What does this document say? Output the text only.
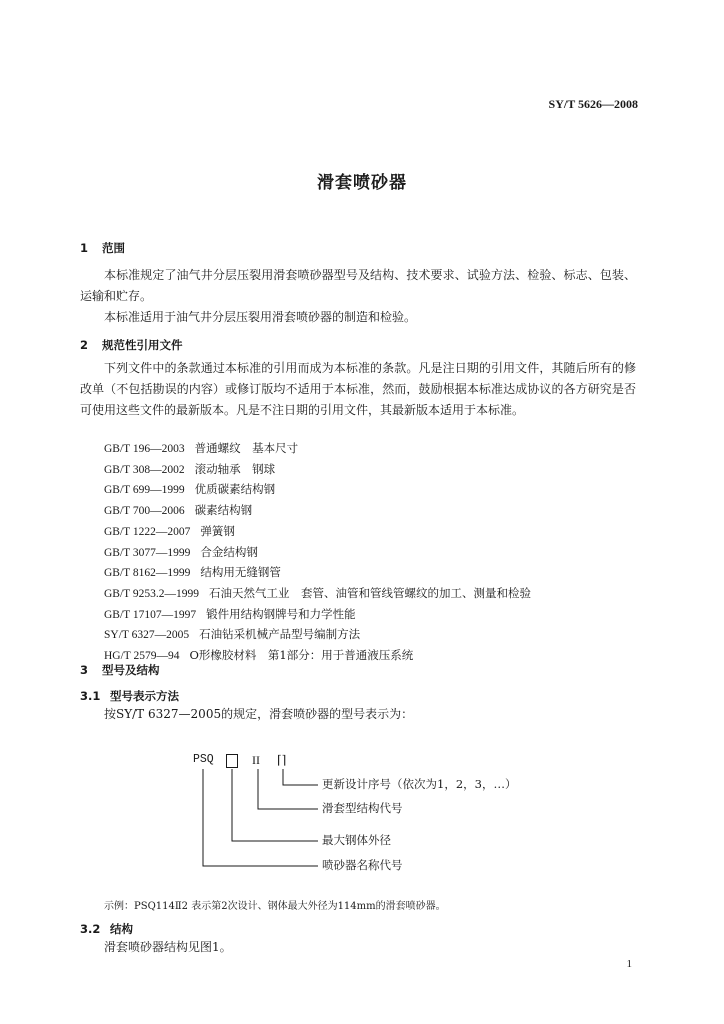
SY/T 5626—2008
滑套喷砂器
1 范围

本标准规定了油气井分层压裂用滑套喷砂器型号及结构、技术要求、试验方法、检验、标志、包装、运输和贮存。

本标准适用于油气井分层压裂用滑套喷砂器的制造和检验。

2 规范性引用文件

下列文件中的条款通过本标准的引用而成为本标准的条款。凡是注日期的引用文件，其随后所有的修改单（不包括勘误的内容）或修订版均不适用于本标准，然而，鼓励根据本标准达成协议的各方研究是否可使用这些文件的最新版本。凡是不注日期的引用文件，其最新版本适用于本标准。

GB/T 196—2003 普通螺纹　基本尺寸
GB/T 308—2002 滚动轴承　钢球
GB/T 699—1999 优质碳素结构钢
GB/T 700—2006 碳素结构钢
GB/T 1222—2007 弹簧钢
GB/T 3077—1999 合金结构钢
GB/T 8162—1999 结构用无缝钢管
GB/T 9253.2—1999 石油天然气工业　套管、油管和管线管螺纹的加工、测量和检验
GB/T 17107—1997 锻件用结构钢牌号和力学性能
SY/T 6327—2005 石油钻采机械产品型号编制方法
HG/T 2579—94 O形橡胶材料　第1部分：用于普通液压系统
3 型号及结构
3.1 型号表示方法

按SY/T 6327—2005的规定，滑套喷砂器的型号表示为：

PSQ	II ⌈⌉
更新设计序号（依次为1，2，3，…）
滑套型结构代号
最大钢体外径
喷砂器名称代号
示例：PSQ114Ⅱ2 表示第2次设计、钢体最大外径为114mm的滑套喷砂器。
3.2 结构

滑套喷砂器结构见图1。

1
